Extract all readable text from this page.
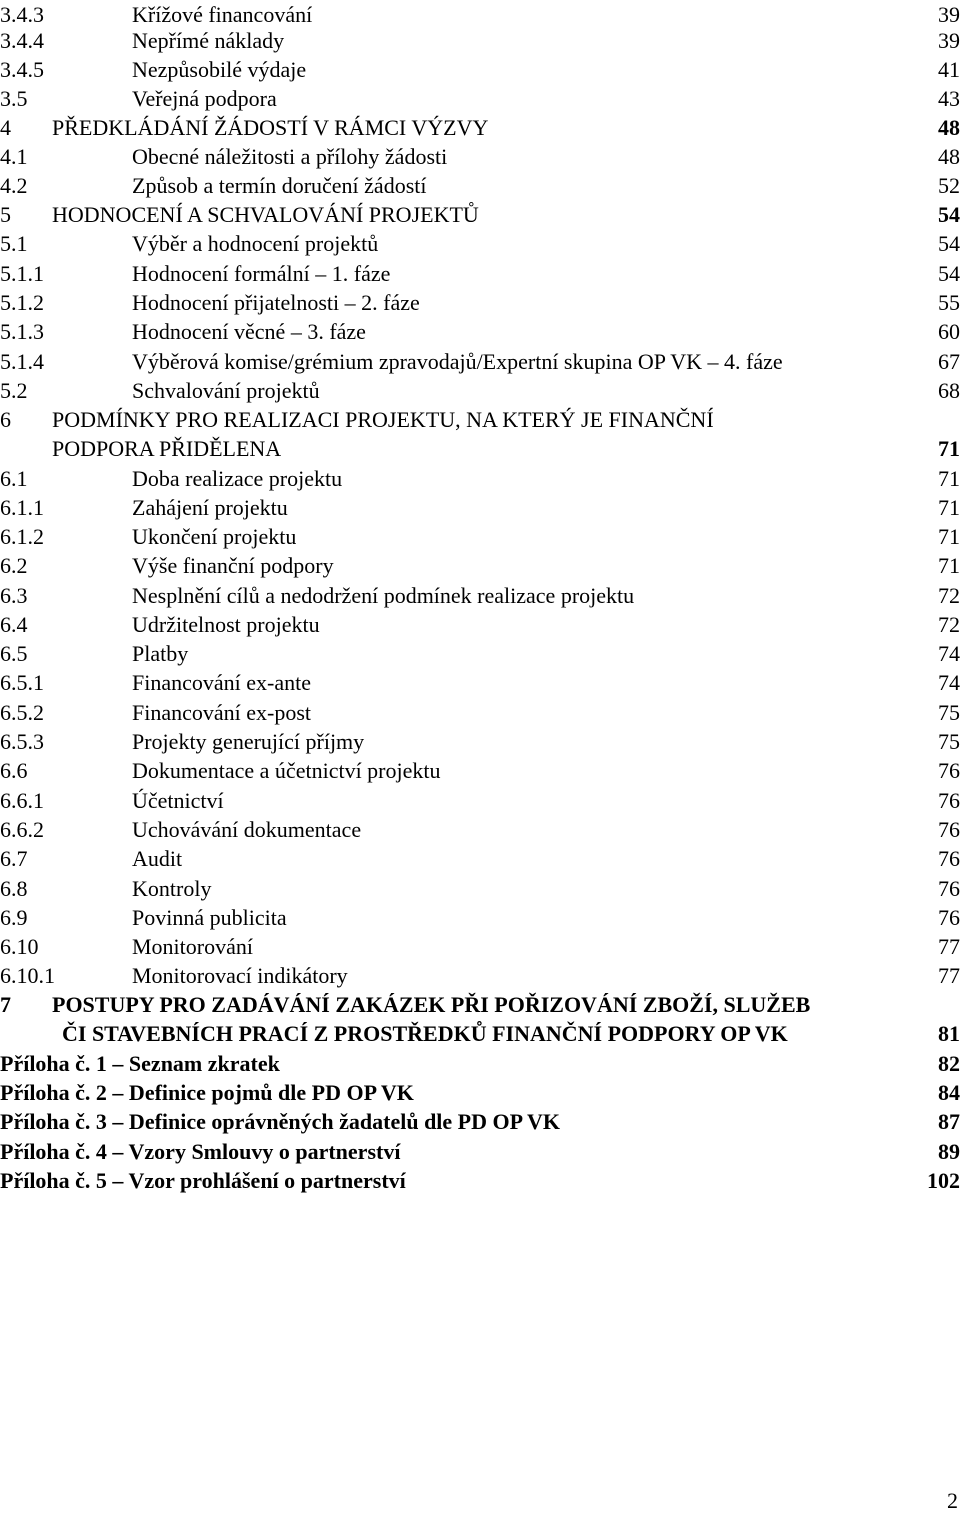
3.4.3	Křížové financování	39
3.4.4	Nepřímé náklady	39
3.4.5	Nezpůsobilé výdaje	41
3.5	Veřejná podpora	43
4 PŘEDKLÁDÁNÍ ŽÁDOSTÍ V RÁMCI VÝZVY	48
4.1	Obecné náležitosti a přílohy žádosti	48
4.2	Způsob a termín doručení žádostí	52
5 HODNOCENÍ A SCHVALOVÁNÍ PROJEKTŮ	54
5.1	Výběr a hodnocení projektů	54
5.1.1	Hodnocení formální – 1. fáze	54
5.1.2	Hodnocení přijatelnosti – 2. fáze	55
5.1.3	Hodnocení věcné – 3. fáze	60
5.1.4	Výběrová komise/grémium zpravodajů/Expertní skupina OP VK – 4. fáze	67
5.2	Schvalování projektů	68
6 PODMÍNKY PRO REALIZACI PROJEKTU, NA KTERÝ JE FINANČNÍ
PODPORA PŘIDĚLENA	71
6.1	Doba realizace projektu	71
6.1.1	Zahájení projektu	71
6.1.2	Ukončení projektu	71
6.2	Výše finanční podpory	71
6.3	Nesplnění cílů a nedodržení podmínek realizace projektu	72
6.4	Udržitelnost projektu	72
6.5	Platby	74
6.5.1	Financování ex-ante	74
6.5.2	Financování ex-post	75
6.5.3	Projekty generující příjmy	75
6.6	Dokumentace a účetnictví projektu	76
6.6.1	Účetnictví	76
6.6.2	Uchovávání dokumentace	76
6.7	Audit	76
6.8	Kontroly	76
6.9	Povinná publicita	76
6.10	Monitorování	77
6.10.1	Monitorovací indikátory	77
7 POSTUPY PRO ZADÁVÁNÍ ZAKÁZEK PŘI POŘIZOVÁNÍ ZBOŽÍ, SLUŽEB
ČI STAVEBNÍCH PRACÍ Z PROSTŘEDKŮ FINANČNÍ PODPORY OP VK	81
Příloha č. 1 – Seznam zkratek	82
Příloha č. 2 – Definice pojmů dle PD OP VK	84
Příloha č. 3 – Definice oprávněných žadatelů dle PD OP VK	87
Příloha č. 4 – Vzory Smlouvy o partnerství	89
Příloha č. 5 – Vzor prohlášení o partnerství	102
2
